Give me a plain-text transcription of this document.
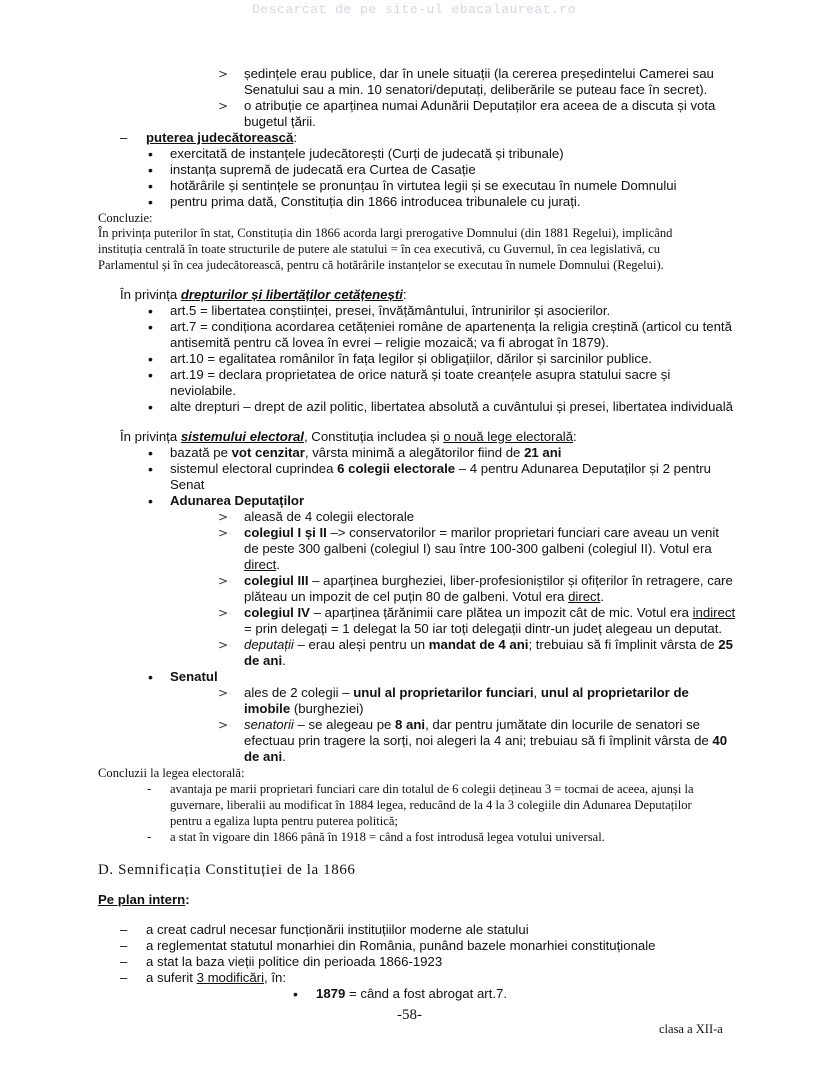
Descarcat de pe site-ul ebacalaureat.ro
> ședințele erau publice, dar în unele situații (la cererea președintelui Camerei sau
Senatului sau a min. 10 senatori/deputați, deliberările se puteau face în secret).
> o atribuție ce aparținea numai Adunării Deputaților era aceea de a discuta și vota
bugetul țării.
– puterea judecătorească:
• exercitată de instanțele judecătorești (Curți de judecată și tribunale)
• instanța supremă de judecată era Curtea de Casație
• hotărârile și sentințele se pronunțau în virtutea legii și se executau în numele Domnului
• pentru prima dată, Constituția din 1866 introducea tribunalele cu jurați.
Concluzie:
În privința puterilor în stat, Constituția din 1866 acorda largi prerogative Domnului (din 1881 Regelui), implicând
instituția centrală în toate structurile de putere ale statului = în cea executivă, cu Guvernul, în cea legislativă, cu
Parlamentul și în cea judecătorească, pentru că hotărârile instanțelor se executau în numele Domnului (Regelui).
În privința drepturilor și libertăților cetățenești:
• art.5 = libertatea conștiinței, presei, învățământului, întrunirilor și asocierilor.
• art.7 = condiționa acordarea cetățeniei române de apartenența la religia creștină (articol cu tentă
antisemită pentru că lovea în evrei – religie mozaică; va fi abrogat în 1879).
• art.10 = egalitatea românilor în fața legilor și obligațiilor, dărilor și sarcinilor publice.
• art.19 = declara proprietatea de orice natură și toate creanțele asupra statului sacre și
neviolabile.
• alte drepturi – drept de azil politic, libertatea absolută a cuvântului și presei, libertatea individuală
În privința sistemului electoral, Constituția includea și o nouă lege electorală:
• bazată pe vot cenzitar, vârsta minimă a alegătorilor fiind de 21 ani
• sistemul electoral cuprindea 6 colegii electorale – 4 pentru Adunarea Deputaților și 2 pentru
Senat
• Adunarea Deputaților
> aleasă de 4 colegii electorale
> colegiul I și II –> conservatorilor = marilor proprietari funciari care aveau un venit
de peste 300 galbeni (colegiul I) sau între 100-300 galbeni (colegiul II). Votul era
direct.
> colegiul III – aparținea burgheziei, liber-profesioniștilor și ofițerilor în retragere, care
plăteau un impozit de cel puțin 80 de galbeni. Votul era direct.
> colegiul IV – aparținea țărănimii care plătea un impozit cât de mic. Votul era indirect
= prin delegați = 1 delegat la 50 iar toți delegații dintr-un județ alegeau un deputat.
> deputații – erau aleși pentru un mandat de 4 ani; trebuiau să fi împlinit vârsta de 25
de ani.
• Senatul
> ales de 2 colegii – unul al proprietarilor funciari, unul al proprietarilor de
imobile (burgheziei)
> senatorii – se alegeau pe 8 ani, dar pentru jumătate din locurile de senatori se
efectuau prin tragere la sorți, noi alegeri la 4 ani; trebuiau să fi împlinit vârsta de 40
de ani.
Concluzii la legea electorală:
- avantaja pe marii proprietari funciari care din totalul de 6 colegii dețineau 3 = tocmai de aceea, ajunși la
guvernare, liberalii au modificat în 1884 legea, reducând de la 4 la 3 colegiile din Adunarea Deputaților
pentru a egaliza lupta pentru puterea politică;
- a stat în vigoare din 1866 până în 1918 = când a fost introdusă legea votului universal.
D. Semnificația Constituției de la 1866
Pe plan intern:
– a creat cadrul necesar funcționării instituțiilor moderne ale statului
– a reglementat statutul monarhiei din România, punând bazele monarhiei constituționale
– a stat la baza vieții politice din perioada 1866-1923
– a suferit 3 modificări, în:
• 1879 = când a fost abrogat art.7.
-58-
clasa a XII-a
